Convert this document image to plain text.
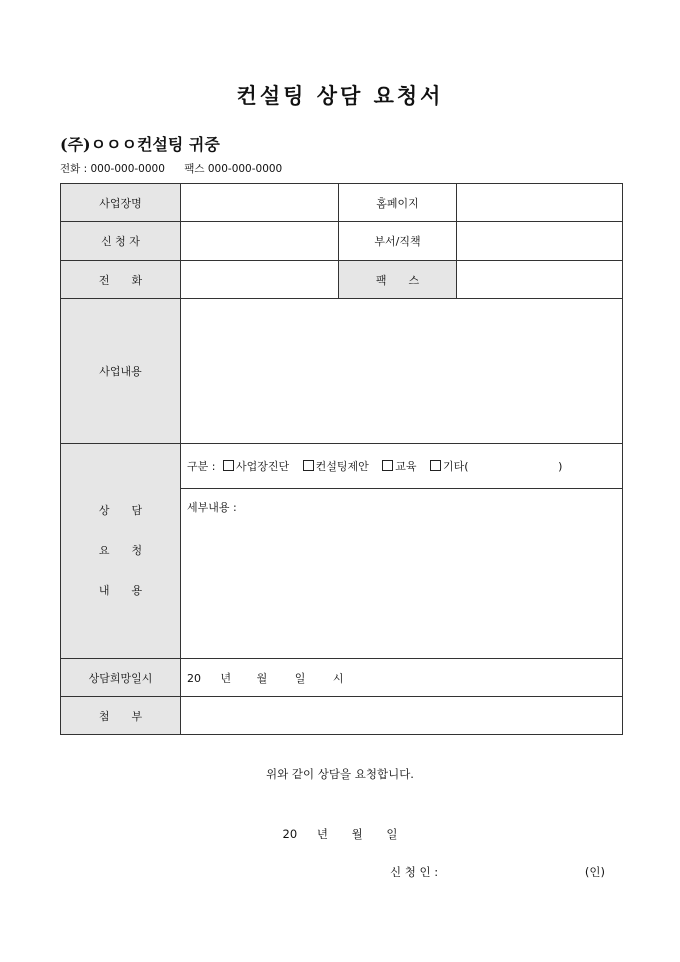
컨설팅 상담 요청서
(주)ㅇㅇㅇ컨설팅 귀중
전화 : 000-000-0000 팩스 000-000-0000
사업장명		홈페이지	
신 청 자		부서/직책	
전　　화		팩　　스	
사업내용			

상　　담
요　　청
내　　용	구분 : 사업장진단 컨설팅제안 교육 기타( )		
	세부내용 :		
상담희망일시	20 년 월 일 시		
첨　　부			
위와 같이 상담을 요청합니다.
20 년 월 일
신 청 인 :	(인)
